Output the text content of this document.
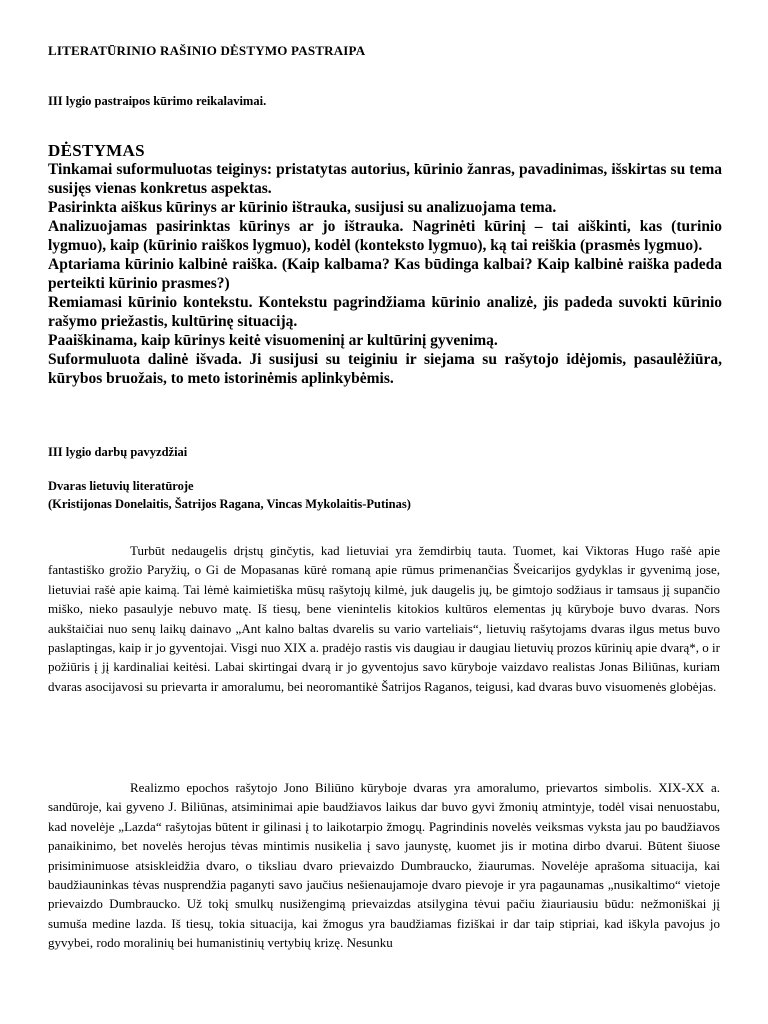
LITERATŪRINIO RAŠINIO DĖSTYMO PASTRAIPA
III lygio pastraipos kūrimo reikalavimai.
DĖSTYMAS

Tinkamai suformuluotas teiginys: pristatytas autorius, kūrinio žanras, pavadinimas, išskirtas su tema susijęs vienas konkretus aspektas.

Pasirinkta aiškus kūrinys ar kūrinio ištrauka, susijusi su analizuojama tema.

Analizuojamas pasirinktas kūrinys ar jo ištrauka. Nagrinėti kūrinį – tai aiškinti, kas (turinio lygmuo), kaip (kūrinio raiškos lygmuo), kodėl (konteksto lygmuo), ką tai reiškia (prasmės lygmuo).

Aptariama kūrinio kalbinė raiška. (Kaip kalbama? Kas būdinga kalbai? Kaip kalbinė raiška padeda perteikti kūrinio prasmes?)

Remiamasi kūrinio kontekstu. Kontekstu pagrindžiama kūrinio analizė, jis padeda suvokti kūrinio rašymo priežastis, kultūrinę situaciją.

Paaiškinama, kaip kūrinys keitė visuomeninį ar kultūrinį gyvenimą.

Suformuluota dalinė išvada. Ji susijusi su teiginiu ir siejama su rašytojo idėjomis, pasaulėžiūra, kūrybos bruožais, to meto istorinėmis aplinkybėmis.

III lygio darbų pavyzdžiai
Dvaras lietuvių literatūroje
(Kristijonas Donelaitis, Šatrijos Ragana, Vincas Mykolaitis-Putinas)

Turbūt nedaugelis drįstų ginčytis, kad lietuviai yra žemdirbių tauta. Tuomet, kai Viktoras Hugo rašė apie fantastiško grožio Paryžių, o Gi de Mopasanas kūrė romaną apie rūmus primenančias Šveicarijos gydyklas ir gyvenimą jose, lietuviai rašė apie kaimą. Tai lėmė kaimietiška mūsų rašytojų kilmė, juk daugelis jų, be gimtojo sodžiaus ir tamsaus jį supančio miško, nieko pasaulyje nebuvo matę. Iš tiesų, bene vienintelis kitokios kultūros elementas jų kūryboje buvo dvaras. Nors aukštaičiai nuo senų laikų dainavo „Ant kalno baltas dvarelis su vario varteliais“, lietuvių rašytojams dvaras ilgus metus buvo paslaptingas, kaip ir jo gyventojai. Visgi nuo XIX a. pradėjo rastis vis daugiau ir daugiau lietuvių prozos kūrinių apie dvarą*, o ir požiūris į jį kardinaliai keitėsi. Labai skirtingai dvarą ir jo gyventojus savo kūryboje vaizdavo realistas Jonas Biliūnas, kuriam dvaras asocijavosi su prievarta ir amoralumu, bei neoromantikė Šatrijos Raganos, teigusi, kad dvaras buvo visuomenės globėjas.

Realizmo epochos rašytojo Jono Biliūno kūryboje dvaras yra amoralumo, prievartos simbolis. XIX-XX a. sandūroje, kai gyveno J. Biliūnas, atsiminimai apie baudžiavos laikus dar buvo gyvi žmonių atmintyje, todėl visai nenuostabu, kad novelėje „Lazda“ rašytojas būtent ir gilinasi į to laikotarpio žmogų. Pagrindinis novelės veiksmas vyksta jau po baudžiavos panaikinimo, bet novelės herojus tėvas mintimis nusikelia į savo jaunystę, kuomet jis ir motina dirbo dvarui. Būtent šiuose prisiminimuose atsiskleidžia dvaro, o tiksliau dvaro prievaizdo Dumbraucko, žiaurumas. Novelėje aprašoma situacija, kai baudžiauninkas tėvas nusprendžia paganyti savo jaučius nešienaujamoje dvaro pievoje ir yra pagaunamas „nusikaltimo“ vietoje prievaizdo Dumbraucko. Už tokį smulkų nusižengimą prievaizdas atsilygina tėvui pačiu žiauriausiu būdu: nežmoniškai jį sumuša medine lazda. Iš tiesų, tokia situacija, kai žmogus yra baudžiamas fiziškai ir dar taip stipriai, kad iškyla pavojus jo gyvybei, rodo moralinių bei humanistinių vertybių krizę. Nesunku
